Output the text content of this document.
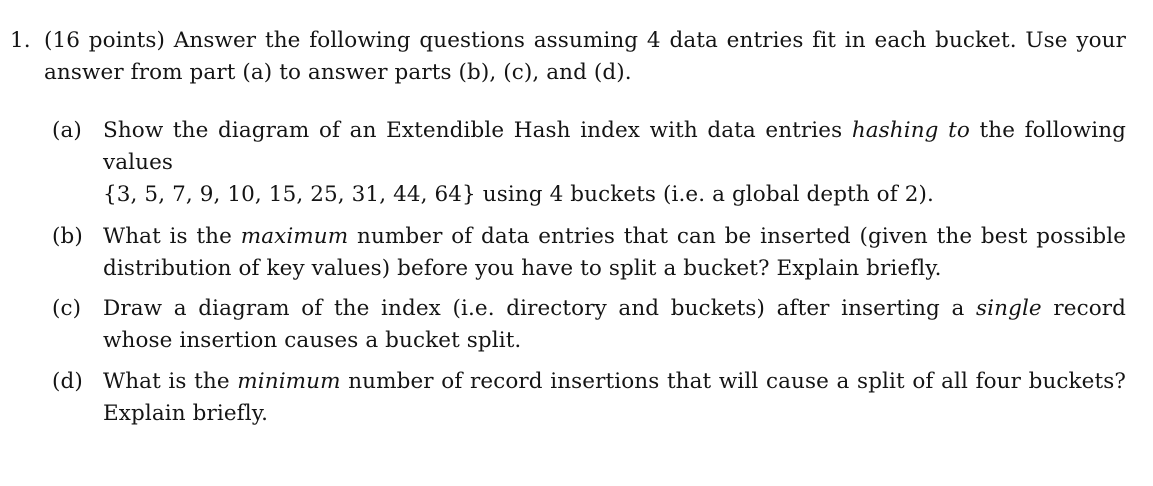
1. (16 points) Answer the following questions assuming 4 data entries fit in each bucket. Use your
answer from part (a) to answer parts (b), (c), and (d).
(a) Show the diagram of an Extendible Hash index with data entries hashing to the following
values
{3, 5, 7, 9, 10, 15, 25, 31, 44, 64} using 4 buckets (i.e. a global depth of 2).
(b) What is the maximum number of data entries that can be inserted (given the best possible
distribution of key values) before you have to split a bucket? Explain briefly.
(c) Draw a diagram of the index (i.e. directory and buckets) after inserting a single record
whose insertion causes a bucket split.
(d) What is the minimum number of record insertions that will cause a split of all four buckets?
Explain briefly.
